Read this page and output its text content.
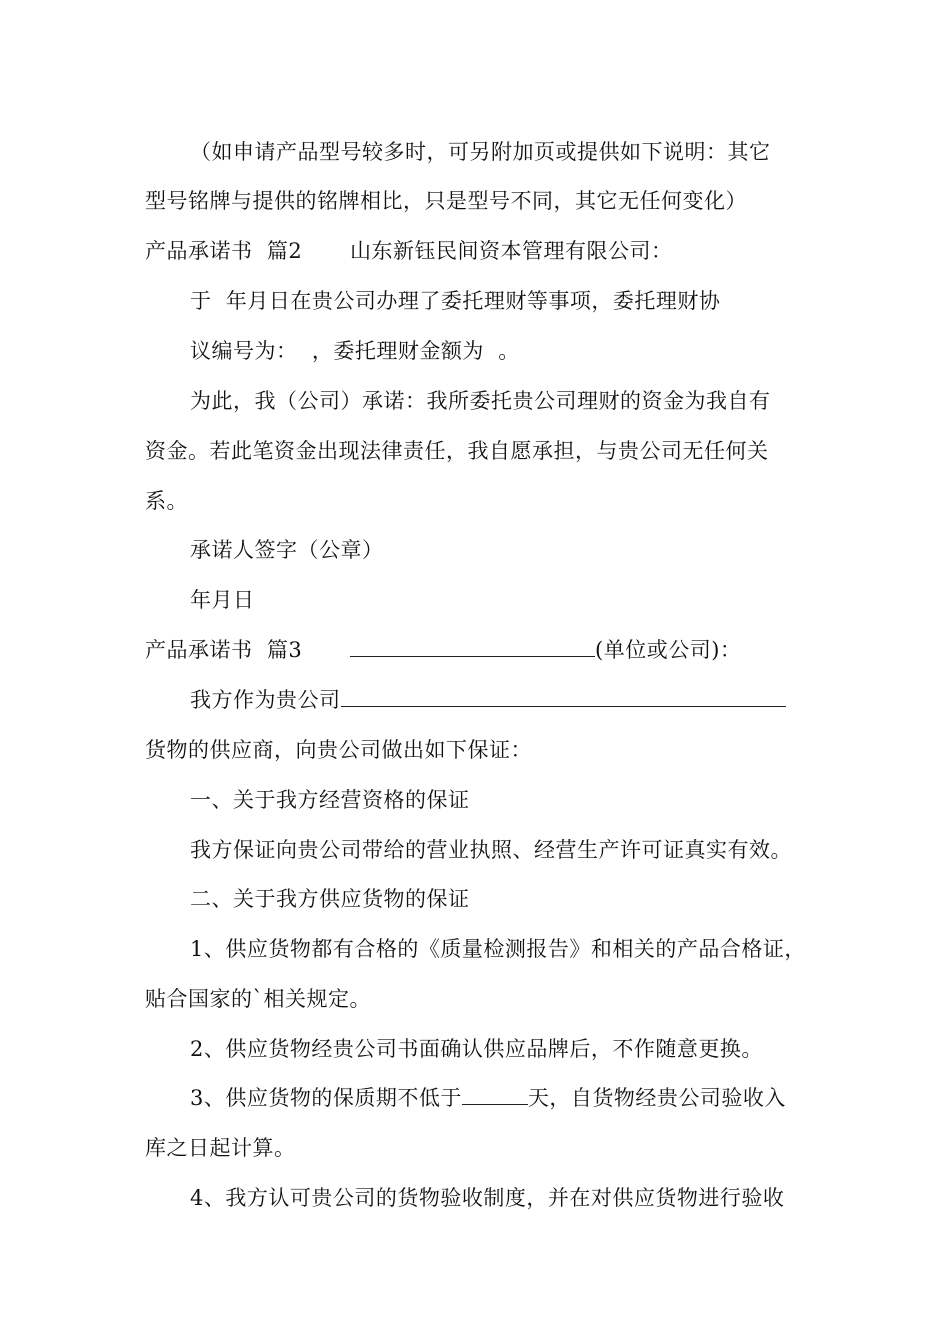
（如申请产品型号较多时，可另附加页或提供如下说明：其它
型号铭牌与提供的铭牌相比，只是型号不同，其它无任何变化）
产品承诺书  篇2 山东新钰民间资本管理有限公司：
于  年月日在贵公司办理了委托理财等事项，委托理财协
议编号为：  ，委托理财金额为  。
为此，我（公司）承诺：我所委托贵公司理财的资金为我自有
资金。若此笔资金出现法律责任，我自愿承担，与贵公司无任何关
系。
承诺人签字（公章）
年月日
产品承诺书  篇3	(单位或公司)：
我方作为贵公司
货物的供应商，向贵公司做出如下保证：
一、关于我方经营资格的保证
我方保证向贵公司带给的营业执照、经营生产许可证真实有效。
二、关于我方供应货物的保证
1、供应货物都有合格的《质量检测报告》和相关的产品合格证，
贴合国家的`相关规定。
2、供应货物经贵公司书面确认供应品牌后，不作随意更换。
3、供应货物的保质期不低于	天，自货物经贵公司验收入
库之日起计算。
4、我方认可贵公司的货物验收制度，并在对供应货物进行验收
